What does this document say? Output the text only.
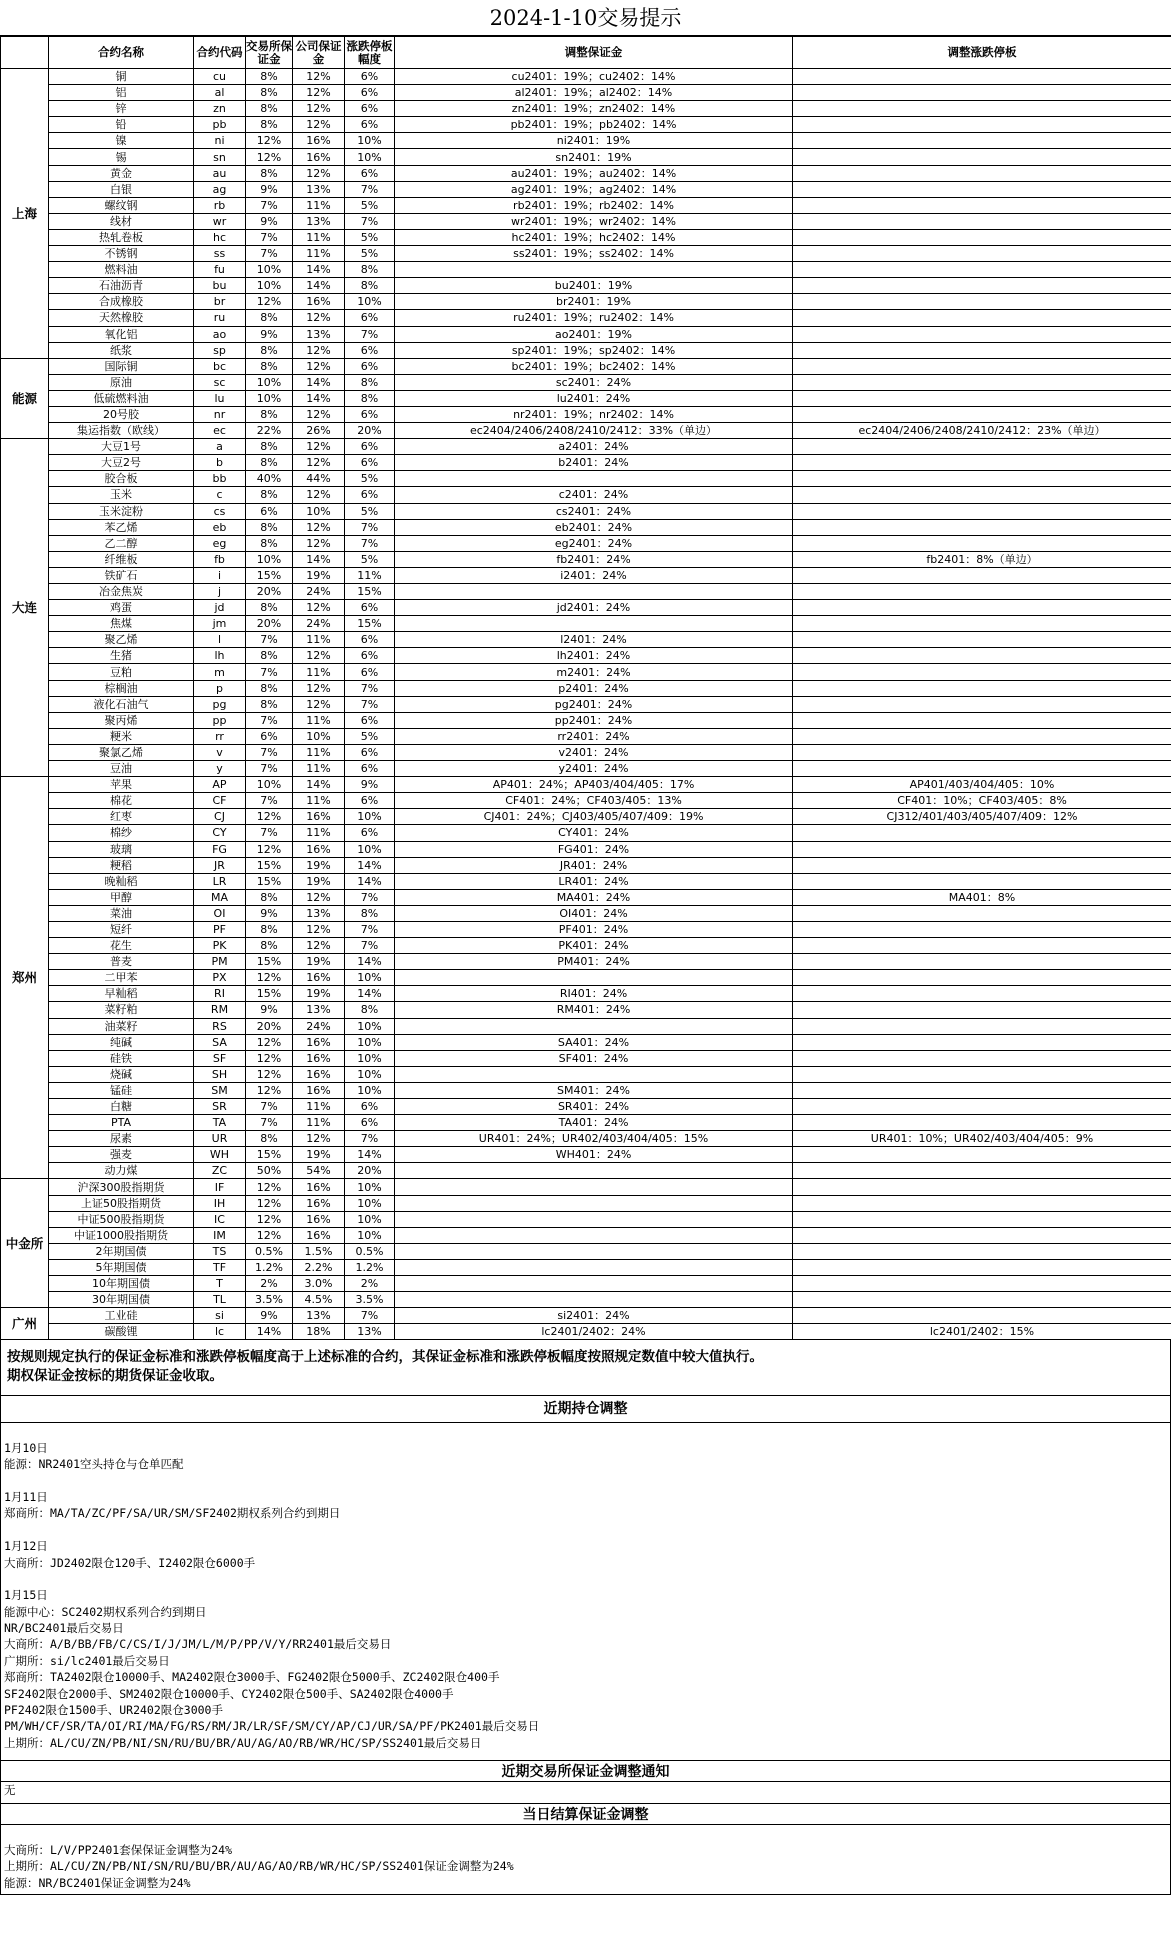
2024-1-10交易提示
	合约名称	合约代码	交易所保证金	公司保证金	涨跌停板幅度	调整保证金	调整涨跌停板
上海	铜	cu	8%	12%	6%	cu2401：19%；cu2402：14%	
	铝	al	8%	12%	6%	al2401：19%；al2402：14%	
	锌	zn	8%	12%	6%	zn2401：19%；zn2402：14%	
	铅	pb	8%	12%	6%	pb2401：19%；pb2402：14%	
	镍	ni	12%	16%	10%	ni2401：19%	
	锡	sn	12%	16%	10%	sn2401：19%	
	黄金	au	8%	12%	6%	au2401：19%；au2402：14%	
	白银	ag	9%	13%	7%	ag2401：19%；ag2402：14%	
	螺纹钢	rb	7%	11%	5%	rb2401：19%；rb2402：14%	
	线材	wr	9%	13%	7%	wr2401：19%；wr2402：14%	
	热轧卷板	hc	7%	11%	5%	hc2401：19%；hc2402：14%	
	不锈钢	ss	7%	11%	5%	ss2401：19%；ss2402：14%	
	燃料油	fu	10%	14%	8%		
	石油沥青	bu	10%	14%	8%	bu2401：19%	
	合成橡胶	br	12%	16%	10%	br2401：19%	
	天然橡胶	ru	8%	12%	6%	ru2401：19%；ru2402：14%	
	氧化铝	ao	9%	13%	7%	ao2401：19%	
	纸浆	sp	8%	12%	6%	sp2401：19%；sp2402：14%	
能源	国际铜	bc	8%	12%	6%	bc2401：19%；bc2402：14%	
	原油	sc	10%	14%	8%	sc2401：24%	
	低硫燃料油	lu	10%	14%	8%	lu2401：24%	
	20号胶	nr	8%	12%	6%	nr2401：19%；nr2402：14%	
	集运指数（欧线）	ec	22%	26%	20%	ec2404/2406/2408/2410/2412：33%（单边）	ec2404/2406/2408/2410/2412：23%（单边）
大连	大豆1号	a	8%	12%	6%	a2401：24%	
	大豆2号	b	8%	12%	6%	b2401：24%	
	胶合板	bb	40%	44%	5%		
	玉米	c	8%	12%	6%	c2401：24%	
	玉米淀粉	cs	6%	10%	5%	cs2401：24%	
	苯乙烯	eb	8%	12%	7%	eb2401：24%	
	乙二醇	eg	8%	12%	7%	eg2401：24%	
	纤维板	fb	10%	14%	5%	fb2401：24%	fb2401：8%（单边）
	铁矿石	i	15%	19%	11%	i2401：24%	
	冶金焦炭	j	20%	24%	15%		
	鸡蛋	jd	8%	12%	6%	jd2401：24%	
	焦煤	jm	20%	24%	15%		
	聚乙烯	l	7%	11%	6%	l2401：24%	
	生猪	lh	8%	12%	6%	lh2401：24%	
	豆粕	m	7%	11%	6%	m2401：24%	
	棕榈油	p	8%	12%	7%	p2401：24%	
	液化石油气	pg	8%	12%	7%	pg2401：24%	
	聚丙烯	pp	7%	11%	6%	pp2401：24%	
	粳米	rr	6%	10%	5%	rr2401：24%	
	聚氯乙烯	v	7%	11%	6%	v2401：24%	
	豆油	y	7%	11%	6%	y2401：24%	
郑州	苹果	AP	10%	14%	9%	AP401：24%；AP403/404/405：17%	AP401/403/404/405：10%
	棉花	CF	7%	11%	6%	CF401：24%；CF403/405：13%	CF401：10%；CF403/405：8%
	红枣	CJ	12%	16%	10%	CJ401：24%；CJ403/405/407/409：19%	CJ312/401/403/405/407/409：12%
	棉纱	CY	7%	11%	6%	CY401：24%	
	玻璃	FG	12%	16%	10%	FG401：24%	
	粳稻	JR	15%	19%	14%	JR401：24%	
	晚籼稻	LR	15%	19%	14%	LR401：24%	
	甲醇	MA	8%	12%	7%	MA401：24%	MA401：8%
	菜油	OI	9%	13%	8%	OI401：24%	
	短纤	PF	8%	12%	7%	PF401：24%	
	花生	PK	8%	12%	7%	PK401：24%	
	普麦	PM	15%	19%	14%	PM401：24%	
	二甲苯	PX	12%	16%	10%		
	早籼稻	RI	15%	19%	14%	RI401：24%	
	菜籽粕	RM	9%	13%	8%	RM401：24%	
	油菜籽	RS	20%	24%	10%		
	纯碱	SA	12%	16%	10%	SA401：24%	
	硅铁	SF	12%	16%	10%	SF401：24%	
	烧碱	SH	12%	16%	10%		
	锰硅	SM	12%	16%	10%	SM401：24%	
	白糖	SR	7%	11%	6%	SR401：24%	
	PTA	TA	7%	11%	6%	TA401：24%	
	尿素	UR	8%	12%	7%	UR401：24%；UR402/403/404/405：15%	UR401：10%；UR402/403/404/405：9%
	强麦	WH	15%	19%	14%	WH401：24%	
	动力煤	ZC	50%	54%	20%		
中金所	沪深300股指期货	IF	12%	16%	10%		
	上证50股指期货	IH	12%	16%	10%		
	中证500股指期货	IC	12%	16%	10%		
	中证1000股指期货	IM	12%	16%	10%		
	2年期国债	TS	0.5%	1.5%	0.5%		
	5年期国债	TF	1.2%	2.2%	1.2%		
	10年期国债	T	2%	3.0%	2%		
	30年期国债	TL	3.5%	4.5%	3.5%		
广州	工业硅	si	9%	13%	7%	si2401：24%	
	碳酸锂	lc	14%	18%	13%	lc2401/2402：24%	lc2401/2402：15%
按规则规定执行的保证金标准和涨跌停板幅度高于上述标准的合约，其保证金标准和涨跌停板幅度按照规定数值中较大值执行。
期权保证金按标的期货保证金收取。
近期持仓调整
1月10日
能源：NR2401空头持仓与仓单匹配
1月11日
郑商所：MA/TA/ZC/PF/SA/UR/SM/SF2402期权系列合约到期日
1月12日
大商所：JD2402限仓120手、I2402限仓6000手
1月15日
能源中心：SC2402期权系列合约到期日
NR/BC2401最后交易日
大商所：A/B/BB/FB/C/CS/I/J/JM/L/M/P/PP/V/Y/RR2401最后交易日
广期所：si/lc2401最后交易日
郑商所：TA2402限仓10000手、MA2402限仓3000手、FG2402限仓5000手、ZC2402限仓400手
SF2402限仓2000手、SM2402限仓10000手、CY2402限仓500手、SA2402限仓4000手
PF2402限仓1500手、UR2402限仓3000手
PM/WH/CF/SR/TA/OI/RI/MA/FG/RS/RM/JR/LR/SF/SM/CY/AP/CJ/UR/SA/PF/PK2401最后交易日
上期所：AL/CU/ZN/PB/NI/SN/RU/BU/BR/AU/AG/AO/RB/WR/HC/SP/SS2401最后交易日
近期交易所保证金调整通知
无
当日结算保证金调整
大商所：L/V/PP2401套保保证金调整为24%
上期所：AL/CU/ZN/PB/NI/SN/RU/BU/BR/AU/AG/AO/RB/WR/HC/SP/SS2401保证金调整为24%
能源：NR/BC2401保证金调整为24%
